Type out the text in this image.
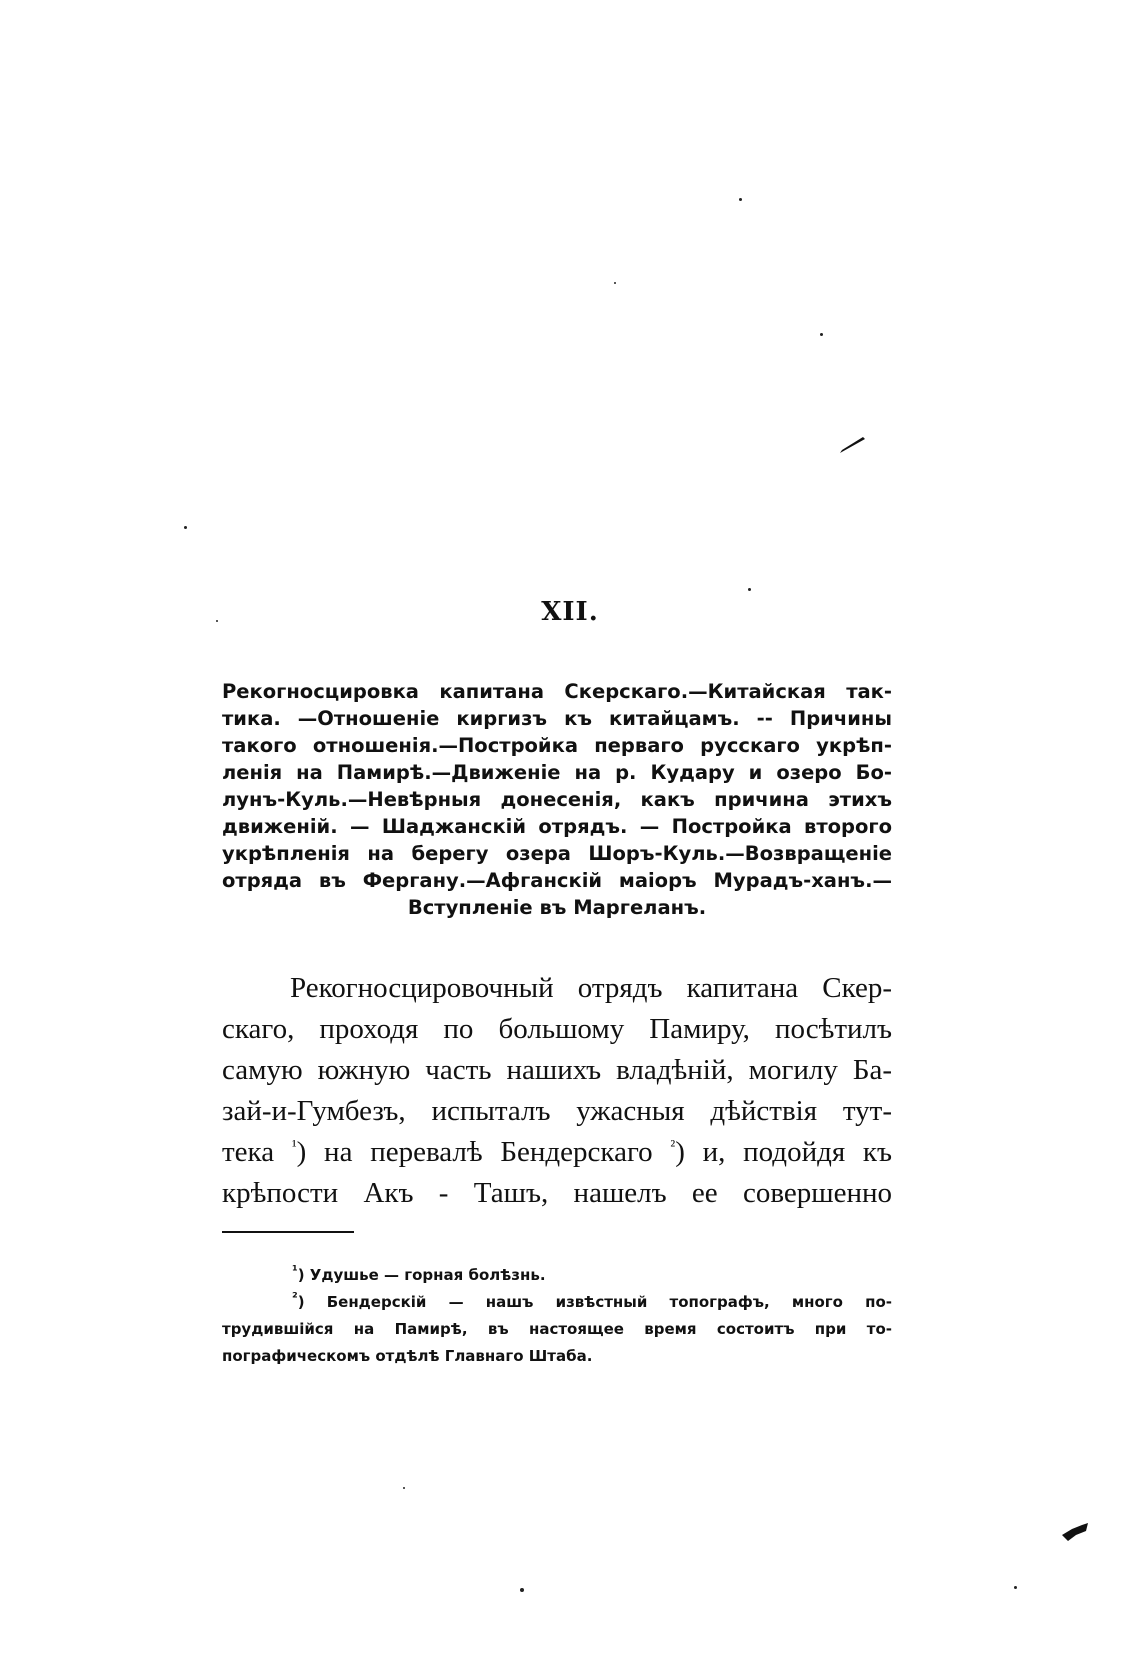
XII.
Рекогносцировка капитана Скерскаго.—Китайская так-
тика. —Отношеніе киргизъ къ китайцамъ. -- Причины
такого отношенія.—Постройка перваго русскаго укрѣп-
ленія на Памирѣ.—Движеніе на р. Кудару и озеро Бо-
лунъ-Куль.—Невѣрныя донесенія, какъ причина этихъ
движеній. — Шаджанскій отрядъ. — Постройка второго
укрѣпленія на берегу озера Шоръ-Куль.—Возвращеніе
отряда въ Фергану.—Афганскій маіоръ Мурадъ-ханъ.—
Вступленіе въ Маргеланъ.
Рекогносцировочный отрядъ капитана Скер-
скаго, проходя по большому Памиру, посѣтилъ
самую южную часть нашихъ владѣній, могилу Ба-
зай-и-Гумбезъ, испыталъ ужасныя дѣйствія тут-
тека $^{^1}$) на перевалѣ Бендерскаго $^{^2}$) и, подойдя къ
крѣпости Акъ - Ташъ, нашелъ ее совершенно
¹) Удушье — горная болѣзнь.
²) Бендерскій — нашъ извѣстный топографъ, много по-
трудившійся на Памирѣ, въ настоящее время состоитъ при то-
пографическомъ отдѣлѣ Главнаго Штаба.
